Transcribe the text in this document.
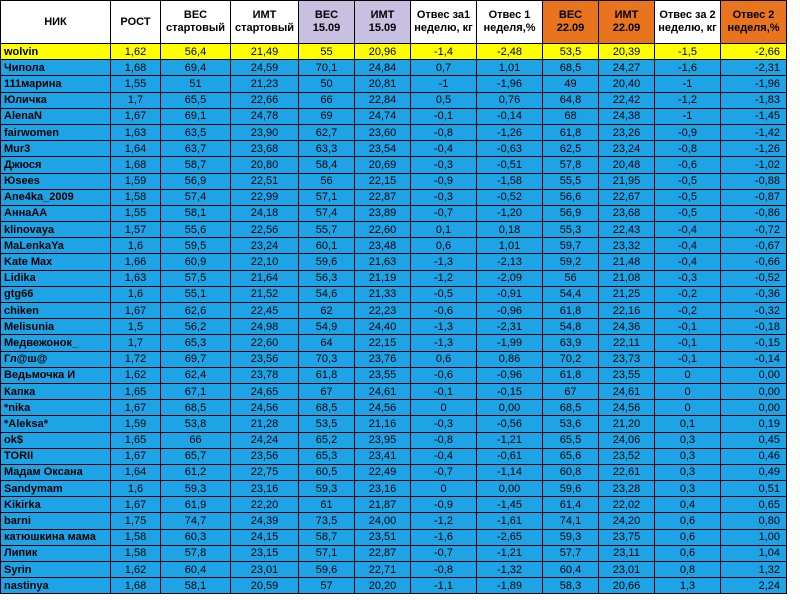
НИК	РОСТ	ВЕС стартовый	ИМТ стартовый	ВЕС 15.09	ИМТ 15.09	Отвес за1 неделю, кг	Отвес 1 неделя,%	ВЕС 22.09	ИМТ 22.09	Отвес за 2 неделю, кг	Отвес 2 неделя,%
wolvin	1,62	56,4	21,49	55	20,96	-1,4	-2,48	53,5	20,39	-1,5	-2,66
Чипола	1,68	69,4	24,59	70,1	24,84	0,7	1,01	68,5	24,27	-1,6	-2,31
111марина	1,55	51	21,23	50	20,81	-1	-1,96	49	20,40	-1	-1,96
Юличка	1,7	65,5	22,66	66	22,84	0,5	0,76	64,8	22,42	-1,2	-1,83
AlenaN	1,67	69,1	24,78	69	24,74	-0,1	-0,14	68	24,38	-1	-1,45
fairwomen	1,63	63,5	23,90	62,7	23,60	-0,8	-1,26	61,8	23,26	-0,9	-1,42
Mur3	1,64	63,7	23,68	63,3	23,54	-0,4	-0,63	62,5	23,24	-0,8	-1,26
Джюся	1,68	58,7	20,80	58,4	20,69	-0,3	-0,51	57,8	20,48	-0,6	-1,02
Юsees	1,59	56,9	22,51	56	22,15	-0,9	-1,58	55,5	21,95	-0,5	-0,88
Ane4ka_2009	1,58	57,4	22,99	57,1	22,87	-0,3	-0,52	56,6	22,67	-0,5	-0,87
АннаАА	1,55	58,1	24,18	57,4	23,89	-0,7	-1,20	56,9	23,68	-0,5	-0,86
klinovaya	1,57	55,6	22,56	55,7	22,60	0,1	0,18	55,3	22,43	-0,4	-0,72
MaLenkaYa	1,6	59,5	23,24	60,1	23,48	0,6	1,01	59,7	23,32	-0,4	-0,67
Kate Max	1,66	60,9	22,10	59,6	21,63	-1,3	-2,13	59,2	21,48	-0,4	-0,66
Lidika	1,63	57,5	21,64	56,3	21,19	-1,2	-2,09	56	21,08	-0,3	-0,52
gtg66	1,6	55,1	21,52	54,6	21,33	-0,5	-0,91	54,4	21,25	-0,2	-0,36
chiken	1,67	62,6	22,45	62	22,23	-0,6	-0,96	61,8	22,16	-0,2	-0,32
Melisunia	1,5	56,2	24,98	54,9	24,40	-1,3	-2,31	54,8	24,36	-0,1	-0,18
Медвежонок_	1,7	65,3	22,60	64	22,15	-1,3	-1,99	63,9	22,11	-0,1	-0,15
Гл@ш@	1,72	69,7	23,56	70,3	23,76	0,6	0,86	70,2	23,73	-0,1	-0,14
Ведьмочка И	1,62	62,4	23,78	61,8	23,55	-0,6	-0,96	61,8	23,55	0	0,00
Капка	1,65	67,1	24,65	67	24,61	-0,1	-0,15	67	24,61	0	0,00
*nika	1,67	68,5	24,56	68,5	24,56	0	0,00	68,5	24,56	0	0,00
*Aleksa*	1,59	53,8	21,28	53,5	21,16	-0,3	-0,56	53,6	21,20	0,1	0,19
ok$	1,65	66	24,24	65,2	23,95	-0,8	-1,21	65,5	24,06	0,3	0,45
TORII	1,67	65,7	23,56	65,3	23,41	-0,4	-0,61	65,6	23,52	0,3	0,46
Мадам Оксана	1,64	61,2	22,75	60,5	22,49	-0,7	-1,14	60,8	22,61	0,3	0,49
Sandymam	1,6	59,3	23,16	59,3	23,16	0	0,00	59,6	23,28	0,3	0,51
Kikirka	1,67	61,9	22,20	61	21,87	-0,9	-1,45	61,4	22,02	0,4	0,65
barni	1,75	74,7	24,39	73,5	24,00	-1,2	-1,61	74,1	24,20	0,6	0,80
катюшкина мама	1,58	60,3	24,15	58,7	23,51	-1,6	-2,65	59,3	23,75	0,6	1,00
Липик	1,58	57,8	23,15	57,1	22,87	-0,7	-1,21	57,7	23,11	0,6	1,04
Syrin	1,62	60,4	23,01	59,6	22,71	-0,8	-1,32	60,4	23,01	0,8	1,32
nastinya	1,68	58,1	20,59	57	20,20	-1,1	-1,89	58,3	20,66	1,3	2,24
